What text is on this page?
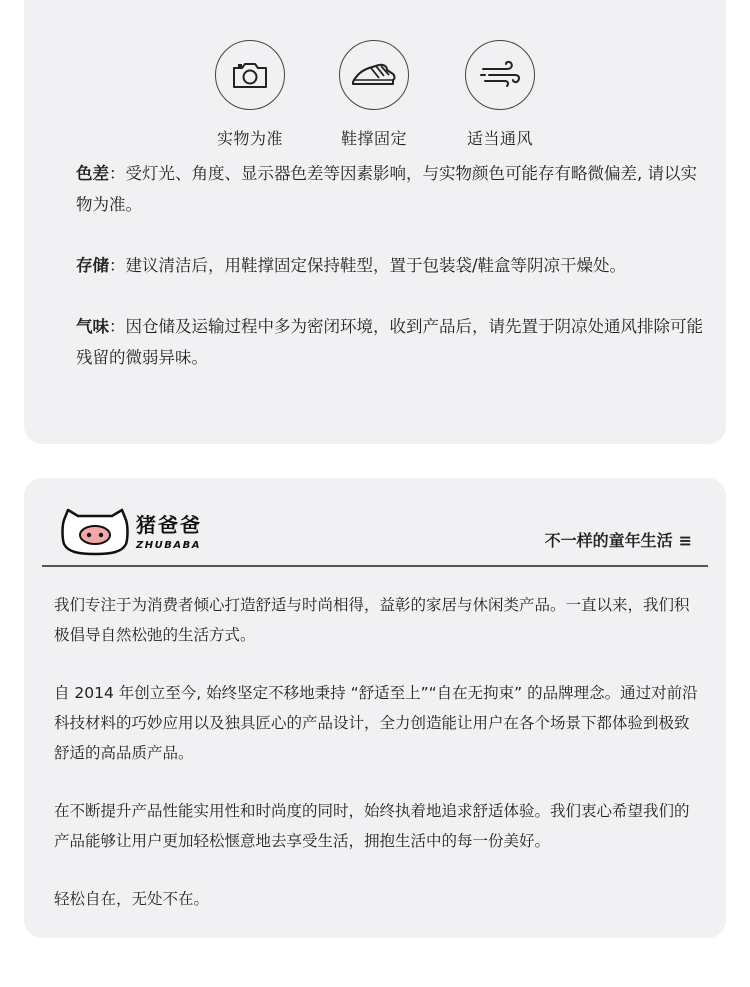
实物为准	鞋撑固定	适当通风

色差：受灯光、角度、显示器色差等因素影响，与实物颜色可能存有略微偏差, 请以实物为准。

存储：建议清洁后，用鞋撑固定保持鞋型，置于包装袋/鞋盒等阴凉干燥处。

气味：因仓储及运输过程中多为密闭环境，收到产品后，请先置于阴凉处通风排除可能残留的微弱异味。

猪爸爸
ZHUBABA	不一样的童年生活 ≡

我们专注于为消费者倾心打造舒适与时尚相得，益彰的家居与休闲类产品。一直以来，我们积极倡导自然松弛的生活方式。

自 2014 年创立至今, 始终坚定不移地秉持 “舒适至上”“自在无拘束” 的品牌理念。通过对前沿科技材料的巧妙应用以及独具匠心的产品设计，全力创造能让用户在各个场景下都体验到极致舒适的高品质产品。

在不断提升产品性能实用性和时尚度的同时，始终执着地追求舒适体验。我们衷心希望我们的产品能够让用户更加轻松惬意地去享受生活，拥抱生活中的每一份美好。

轻松自在，无处不在。
